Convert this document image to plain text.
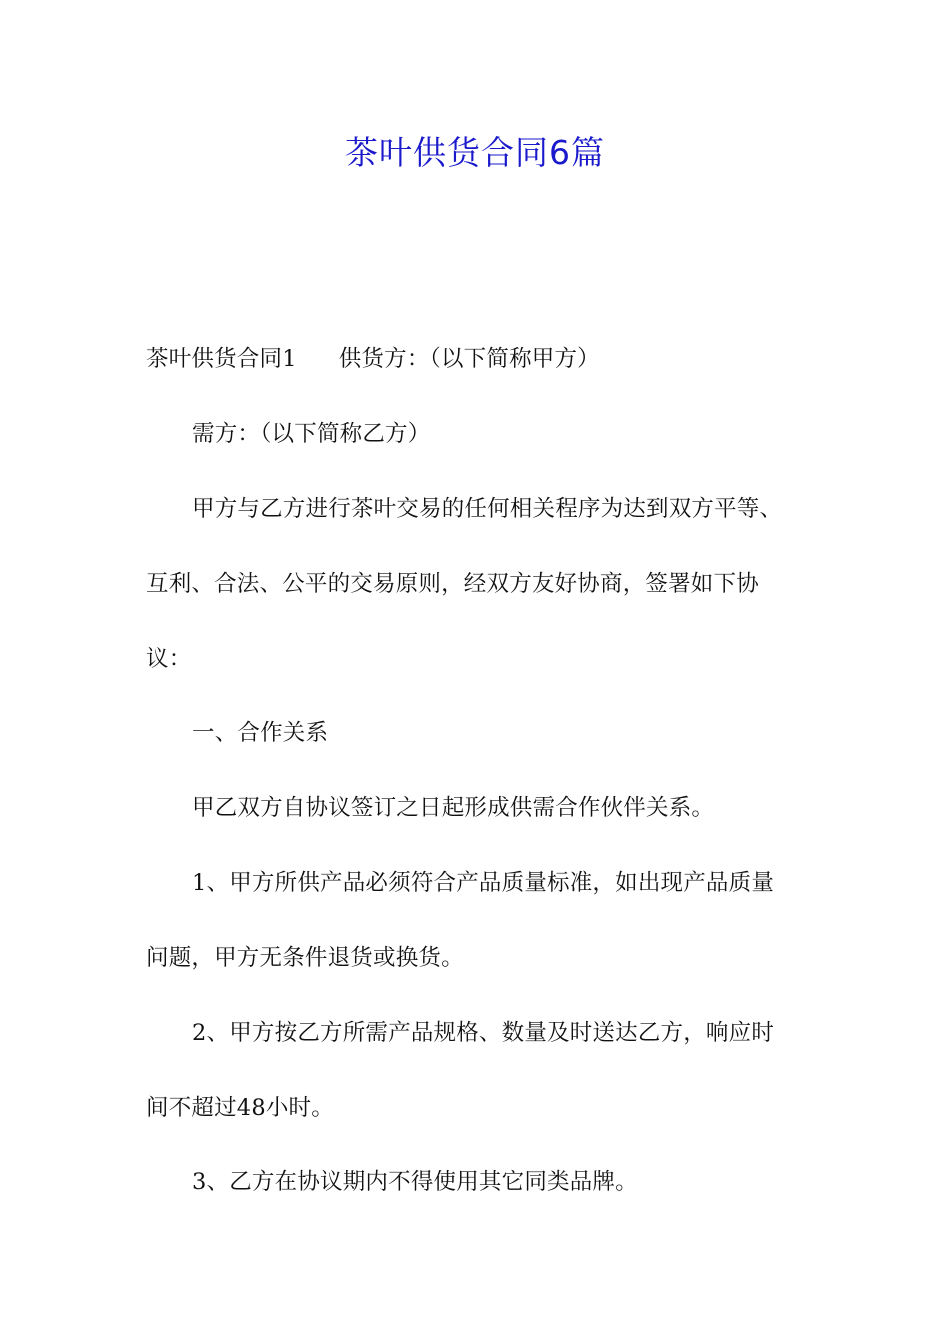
茶叶供货合同6篇
茶叶供货合同1 供货方：（以下简称甲方）
需方：（以下简称乙方）
甲方与乙方进行茶叶交易的任何相关程序为达到双方平等、
互利、合法、公平的交易原则，经双方友好协商，签署如下协
议：
一、合作关系
甲乙双方自协议签订之日起形成供需合作伙伴关系。
1、甲方所供产品必须符合产品质量标准，如出现产品质量
问题，甲方无条件退货或换货。
2、甲方按乙方所需产品规格、数量及时送达乙方，响应时
间不超过48小时。
3、乙方在协议期内不得使用其它同类品牌。
